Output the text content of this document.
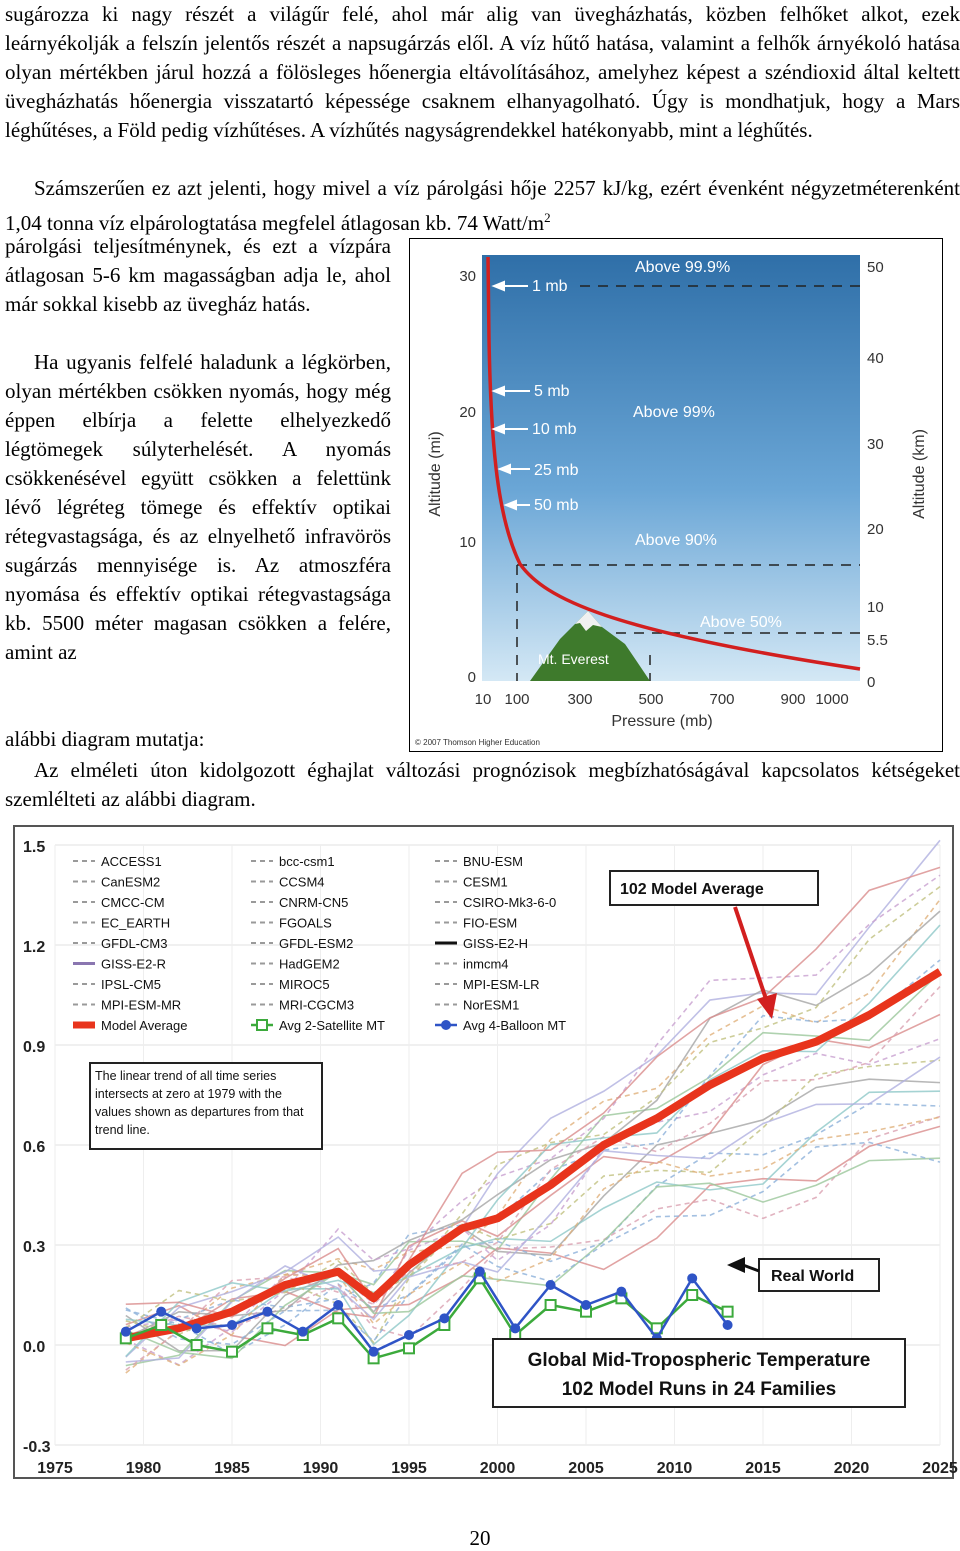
sugározza ki nagy részét a világűr felé, ahol már alig van üvegházhatás, közben felhőket alkot, ezek leárnyékolják a felszín jelentős részét a napsugárzás elől. A víz hűtő hatása, valamint a felhők árnyékoló hatása olyan mértékben járul hozzá a fölösleges hőenergia eltávolításához, amelyhez képest a széndioxid által keltett üvegházhatás hőenergia visszatartó képessége csaknem elhanyagolható. Úgy is mondhatjuk, hogy a Mars léghűtéses, a Föld pedig vízhűtéses. A vízhűtés nagyságrendekkel hatékonyabb, mint a léghűtés.

Számszerűen ez azt jelenti, hogy mivel a víz párolgási hője 2257 kJ/kg, ezért évenként négyzetméterenként 1,04 tonna víz elpárologtatása megfelel átlagosan kb. 74 Watt/$m^2$

párolgási teljesítménynek, és ezt a vízpára átlagosan 5-6 km magasságban adja le, ahol már sokkal kisebb az üvegház hatás.

Ha ugyanis felfelé haladunk a légkörben, olyan mértékben csökken nyomás, hogy még éppen elbírja a felette elhelyezkedő légtömegek súlyterhelését. A nyomás csökkenésével együtt csökken a felettünk lévő légréteg tömege és effektív optikai rétegvastagsága, és az elnyelhető infravörös sugárzás mennyisége is. Az atmoszféra nyomása és effektív optikai rétegvastagsága kb. 5500 méter magasan csökken a felére, amint az

alábbi diagram mutatja:

Az elméleti úton kidolgozott éghajlat változási prognózisok megbízhatóságával kapcsolatos kétségeket szemlélteti az alábbi diagram.

Mt. Everest
1 mb
5 mb
10 mb
25 mb
50 mb
Above 99.9%
Above 99%
Above 90%
Above 50%
30
20
10
0
50
40
30
20
10
5.5
0
10 100	300	500	700	900 1000
Pressure (mb)
Altitude (mi)	Altitude (km)
© 2007 Thomson Higher Education
1.5
1.2
0.9
0.6
0.3
0.0
-0.3
1975	1980	1985	1990	1995	2000	2005	2010	2015	2020	2025
ACCESS1	bcc-csm1	BNU-ESM
CanESM2	CCSM4	CESM1
CMCC-CM	CNRM-CN5	CSIRO-Mk3-6-0
EC_EARTH	FGOALS	FIO-ESM
GFDL-CM3	GFDL-ESM2	GISS-E2-H
GISS-E2-R	HadGEM2	inmcm4
IPSL-CM5	MIROC5	MPI-ESM-LR
MPI-ESM-MR	MRI-CGCM3	NorESM1
Model Average	Avg 2-Satellite MT	Avg 4-Balloon MT
The linear trend of all time series intersects at zero at 1979 with the values shown as departures from that trend line.
102 Model Average
Real World
Global Mid-Tropospheric Temperature
102 Model Runs in 24 Families
20
